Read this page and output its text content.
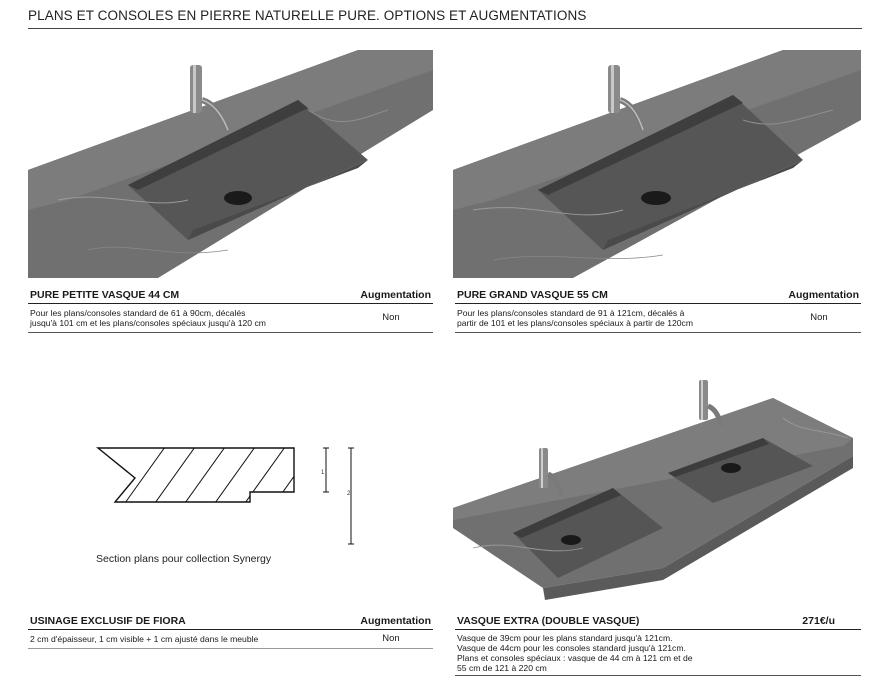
PLANS ET CONSOLES EN PIERRE NATURELLE PURE. OPTIONS ET AUGMENTATIONS
PURE PETITE VASQUE 44 CM	Augmentation
Pour les plans/consoles standard de 61 à 90cm, décalés
jusqu'à 101 cm et les plans/consoles spéciaux jusqu'à 120 cm	Non
PURE GRAND VASQUE 55 CM	Augmentation
Pour les plans/consoles standard de 91 à 121cm, décalés à
partir de 101 et les plans/consoles spéciaux à partir de 120cm	Non
1
2
Section plans pour collection Synergy
USINAGE EXCLUSIF DE FIORA	Augmentation
2 cm d'épaisseur, 1 cm visible + 1 cm ajusté dans le meuble	Non
VASQUE EXTRA (DOUBLE VASQUE)	271€/u
Vasque de 39cm pour les plans standard jusqu'à 121cm.
Vasque de 44cm pour les consoles standard jusqu'à 121cm.
Plans et consoles spéciaux : vasque de 44 cm à 121 cm et de
55 cm de 121 à 220 cm
